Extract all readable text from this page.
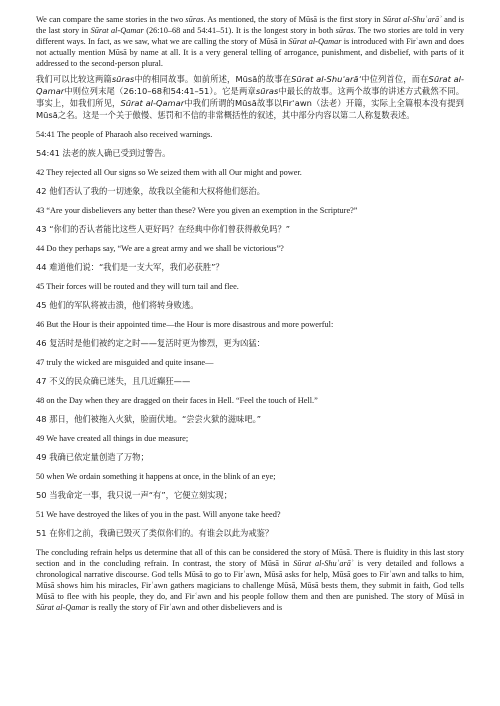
We can compare the same stories in the two sūras. As mentioned, the story of Mūsā is the first story in Sūrat al-Shuʿarāʾ and is the last story in Sūrat al-Qamar (26:10–68 and 54:41–51). It is the longest story in both sūras. The two stories are told in very different ways. In fact, as we saw, what we are calling the story of Mūsā in Sūrat al-Qamar is introduced with Firʿawn and does not actually mention Mūsā by name at all. It is a very general telling of arrogance, punishment, and disbelief, with parts of it addressed to the second-person plural.

我们可以比较这两篇sūras中的相同故事。如前所述，Mūsā的故事在Sūrat al-Shuʿarāʾ中位列首位，而在Sūrat al-Qamar中则位列末尾（26:10–68和54:41–51）。它是两章sūras中最长的故事。这两个故事的讲述方式截然不同。事实上，如我们所见，Sūrat al-Qamar中我们所谓的Mūsā故事以Firʿawn（法老）开篇，实际上全篇根本没有提到Mūsā之名。这是一个关于傲慢、惩罚和不信的非常概括性的叙述，其中部分内容以第二人称复数表述。

54:41 The people of Pharaoh also received warnings.

54:41 法老的族人确已受到过警告。

42 They rejected all Our signs so We seized them with all Our might and power.

42 他们否认了我的一切迹象，故我以全能和大权将他们惩治。

43 “Are your disbelievers any better than these? Were you given an exemption in the Scripture?”

43 “你们的否认者能比这些人更好吗？在经典中你们曾获得赦免吗？”

44 Do they perhaps say, “We are a great army and we shall be victorious”?

44 难道他们说：“我们是一支大军，我们必获胜”？

45 Their forces will be routed and they will turn tail and flee.

45 他们的军队将被击溃，他们将转身败逃。

46 But the Hour is their appointed time—the Hour is more disastrous and more powerful:

46 复活时是他们被约定之时——复活时更为惨烈，更为凶猛：

47 truly the wicked are misguided and quite insane—

47 不义的民众确已迷失，且几近癫狂——

48 on the Day when they are dragged on their faces in Hell. “Feel the touch of Hell.”

48 那日，他们被拖入火狱，脸面伏地。“尝尝火狱的滋味吧。”

49 We have created all things in due measure;

49 我确已依定量创造了万物；

50 when We ordain something it happens at once, in the blink of an eye;

50 当我命定一事，我只说一声“有”，它便立刻实现；

51 We have destroyed the likes of you in the past. Will anyone take heed?

51 在你们之前，我确已毁灭了类似你们的。有谁会以此为戒鉴？

The concluding refrain helps us determine that all of this can be considered the story of Mūsā. There is fluidity in this last story section and in the concluding refrain. In contrast, the story of Mūsā in Sūrat al-Shuʿarāʾ is very detailed and follows a chronological narrative discourse. God tells Mūsā to go to Firʿawn, Mūsā asks for help, Mūsā goes to Firʿawn and talks to him, Mūsā shows him his miracles, Firʿawn gathers magicians to challenge Mūsā, Mūsā bests them, they submit in faith, God tells Mūsā to flee with his people, they do, and Firʿawn and his people follow them and then are punished. The story of Mūsā in Sūrat al-Qamar is really the story of Firʿawn and other disbelievers and is
